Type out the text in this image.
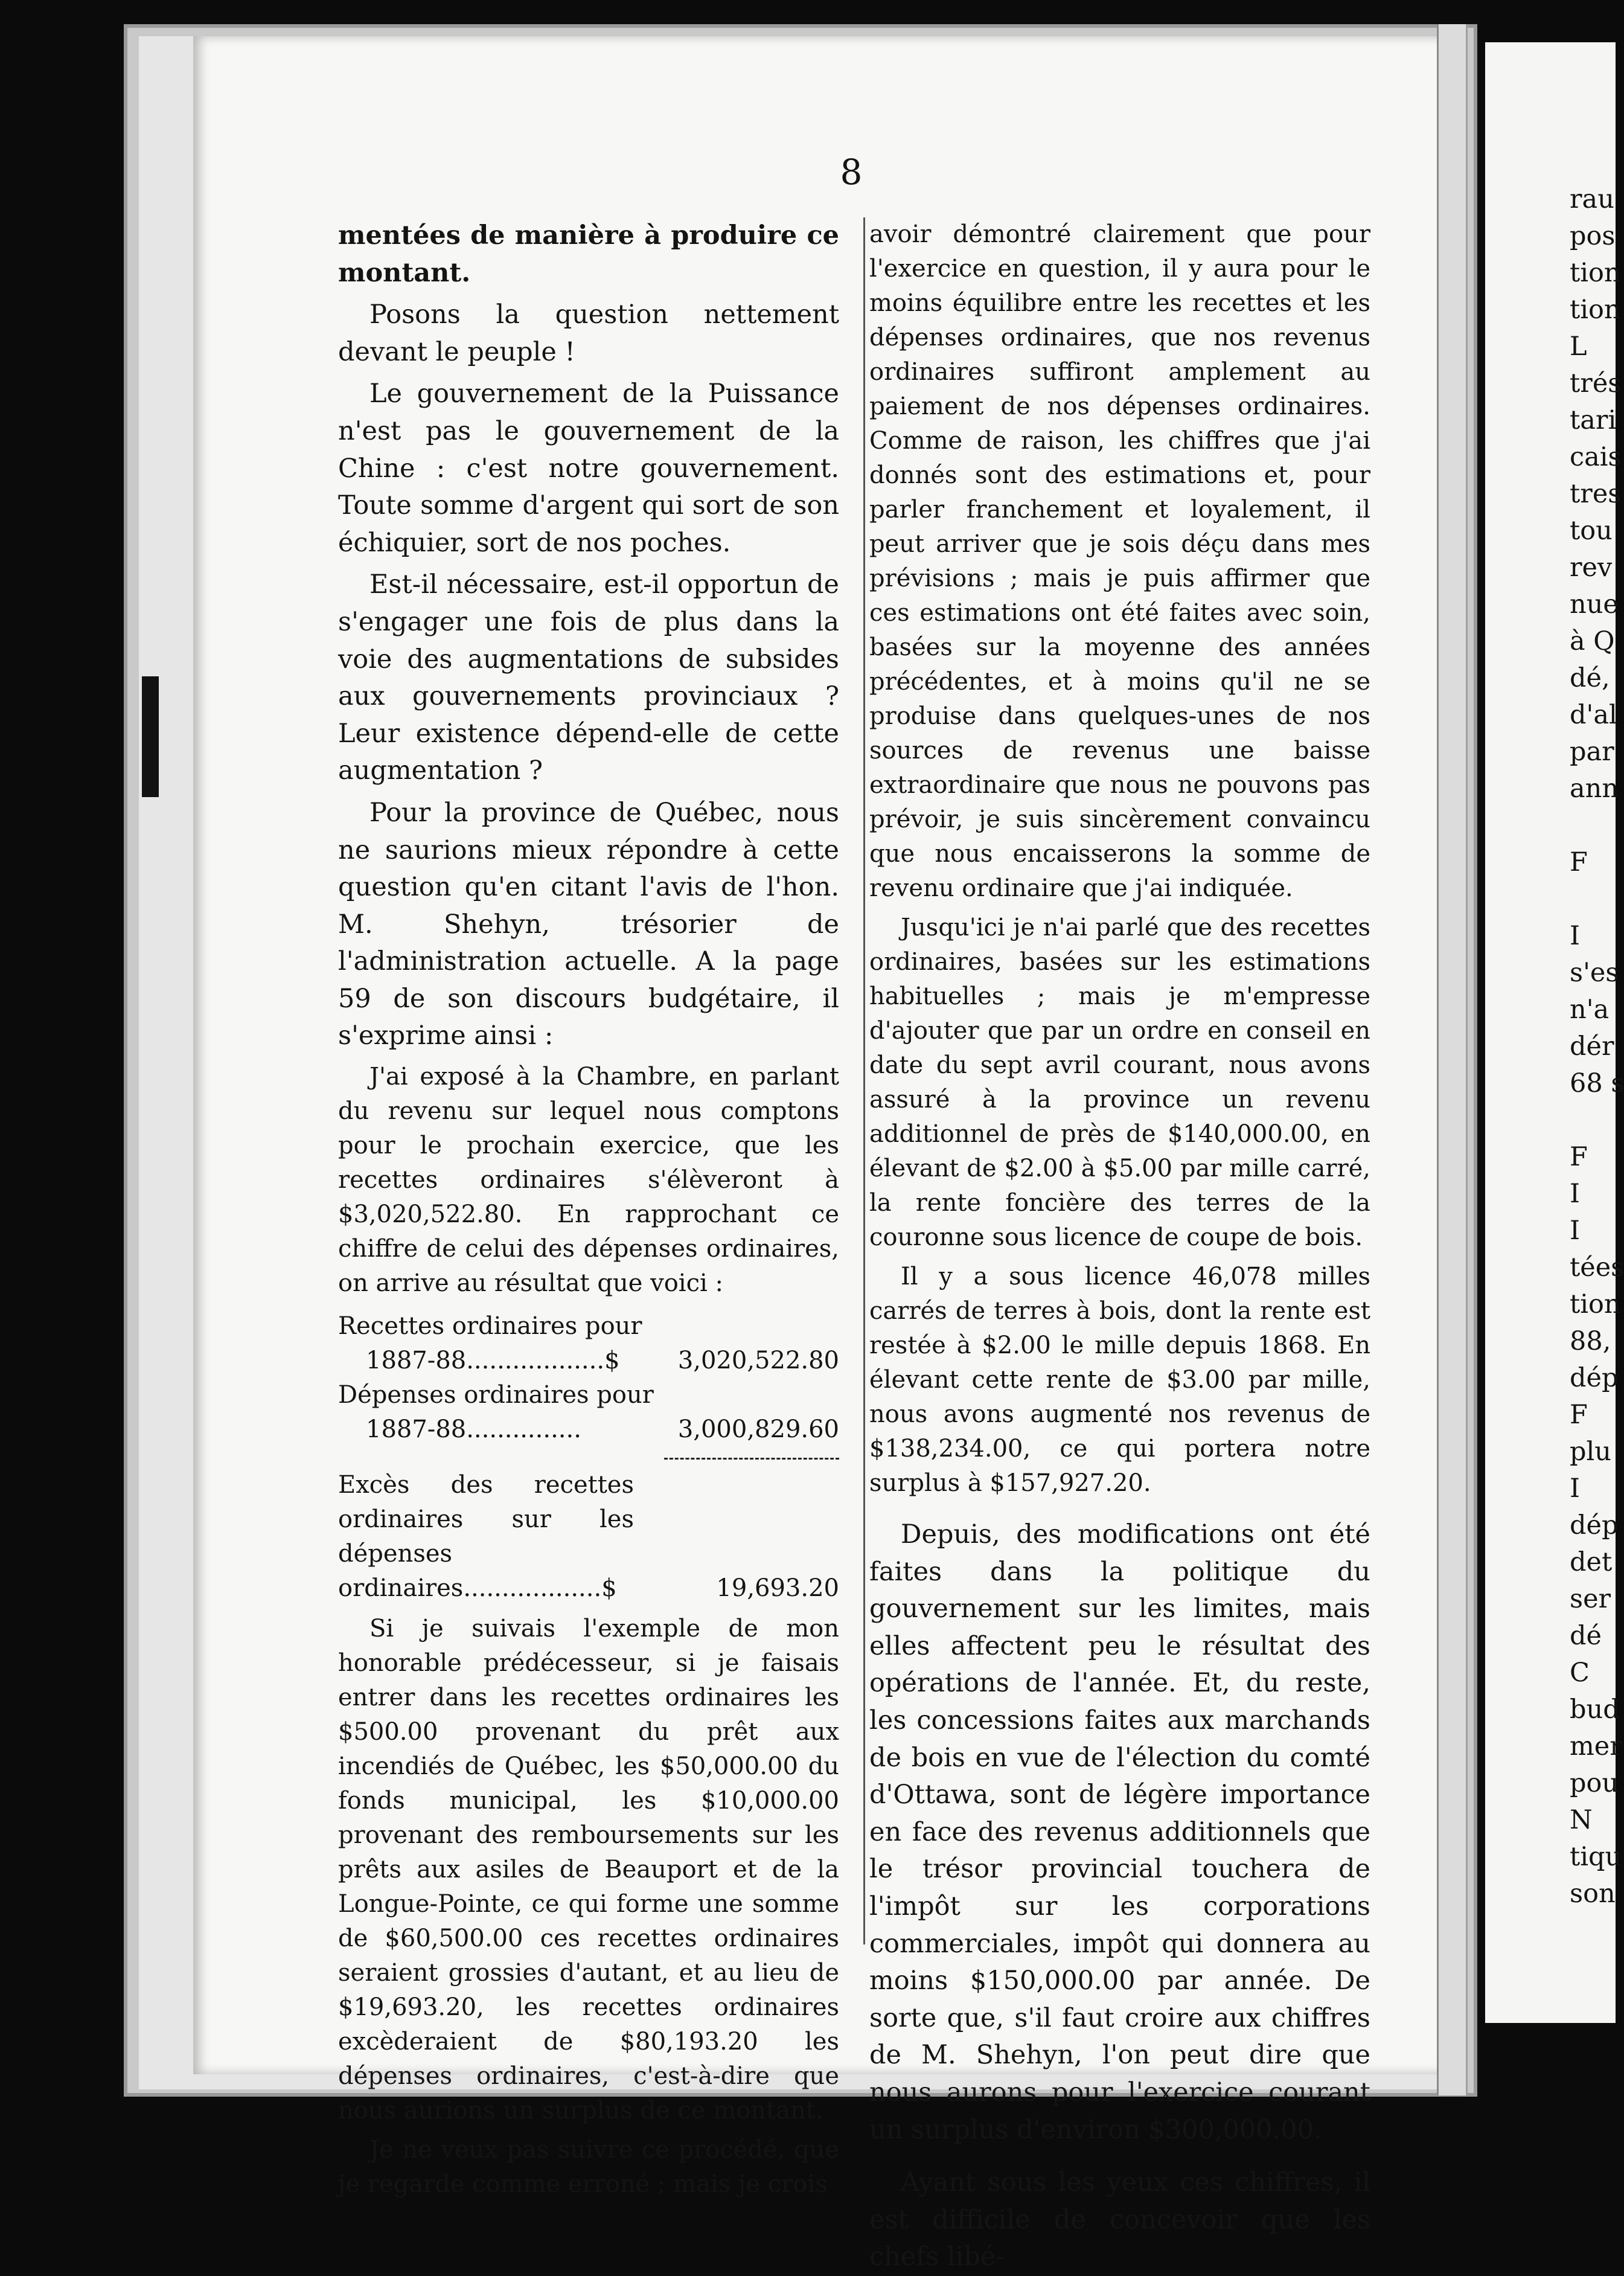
8

mentées de manière à produire ce montant.

Posons la question nettement devant le peuple !

Le gouvernement de la Puissance n'est pas le gouvernement de la Chine : c'est notre gouvernement. Toute somme d'argent qui sort de son échiquier, sort de nos poches.

Est-il nécessaire, est-il opportun de s'engager une fois de plus dans la voie des augmentations de subsides aux gouvernements provinciaux ? Leur existence dépend-elle de cette augmentation ?

Pour la province de Québec, nous ne saurions mieux répondre à cette question qu'en citant l'avis de l'hon. M. Shehyn, trésorier de l'administration actuelle. A la page 59 de son discours budgétaire, il s'exprime ainsi :

J'ai exposé à la Chambre, en parlant du revenu sur lequel nous comptons pour le prochain exercice, que les recettes ordinaires s'élèveront à $3,020,522.80. En rapprochant ce chiffre de celui des dépenses ordinaires, on arrive au résultat que voici :

Recettes ordinaires pour
1887-88..................$	3,020,522.80
Dépenses ordinaires pour
1887-88...............	3,000,829.60
Excès des recettes ordinaires sur les dépenses ordinaires..................$	19,693.20

Si je suivais l'exemple de mon honorable prédécesseur, si je faisais entrer dans les recettes ordinaires les $500.00 provenant du prêt aux incendiés de Québec, les $50,000.00 du fonds municipal, les $10,000.00 provenant des remboursements sur les prêts aux asiles de Beauport et de la Longue-Pointe, ce qui forme une somme de $60,500.00 ces recettes ordinaires seraient grossies d'autant, et au lieu de $19,693.20, les recettes ordinaires excèderaient de $80,193.20 les dépenses ordinaires, c'est-à-dire que nous aurions un surplus de ce montant.

Je ne veux pas suivre ce procédé, que je regarde comme erroné ; mais je crois

avoir démontré clairement que pour l'exercice en question, il y aura pour le moins équilibre entre les recettes et les dépenses ordinaires, que nos revenus ordinaires suffiront amplement au paiement de nos dépenses ordinaires. Comme de raison, les chiffres que j'ai donnés sont des estimations et, pour parler franchement et loyalement, il peut arriver que je sois déçu dans mes prévisions ; mais je puis affirmer que ces estimations ont été faites avec soin, basées sur la moyenne des années précédentes, et à moins qu'il ne se produise dans quelques-unes de nos sources de revenus une baisse extraordinaire que nous ne pouvons pas prévoir, je suis sincèrement convaincu que nous encaisserons la somme de revenu ordinaire que j'ai indiquée.

Jusqu'ici je n'ai parlé que des recettes ordinaires, basées sur les estimations habituelles ; mais je m'empresse d'ajouter que par un ordre en conseil en date du sept avril courant, nous avons assuré à la province un revenu additionnel de près de $140,000.00, en élevant de $2.00 à $5.00 par mille carré, la rente foncière des terres de la couronne sous licence de coupe de bois.

Il y a sous licence 46,078 milles carrés de terres à bois, dont la rente est restée à $2.00 le mille depuis 1868. En élevant cette rente de $3.00 par mille, nous avons augmenté nos revenus de $138,234.00, ce qui portera notre surplus à $157,927.20.

Depuis, des modifications ont été faites dans la politique du gouvernement sur les limites, mais elles affectent peu le résultat des opérations de l'année. Et, du reste, les concessions faites aux marchands de bois en vue de l'élection du comté d'Ottawa, sont de légère importance en face des revenus additionnels que le trésor provincial touchera de l'impôt sur les corporations commerciales, impôt qui donnera au moins $150,000.00 par année. De sorte que, s'il faut croire aux chiffres de M. Shehyn, l'on peut dire que nous aurons pour l'exercice courant un surplus d'environ $300,000.00.

Ayant sous les yeux ces chiffres, il est difficile de concevoir que les chefs libé-

rau
pos
tion
tion
L
trés
tari
cais
tres
tou
rev
nue
à Q
dé,
d'al
par
ann
F
I
s'es
n'a
dér
68 s
F
I
I
tées
tion
88,
dép
F
plu
I
dép
det
ser
dé
C
bud
mer
pou
N
tiqu
son
